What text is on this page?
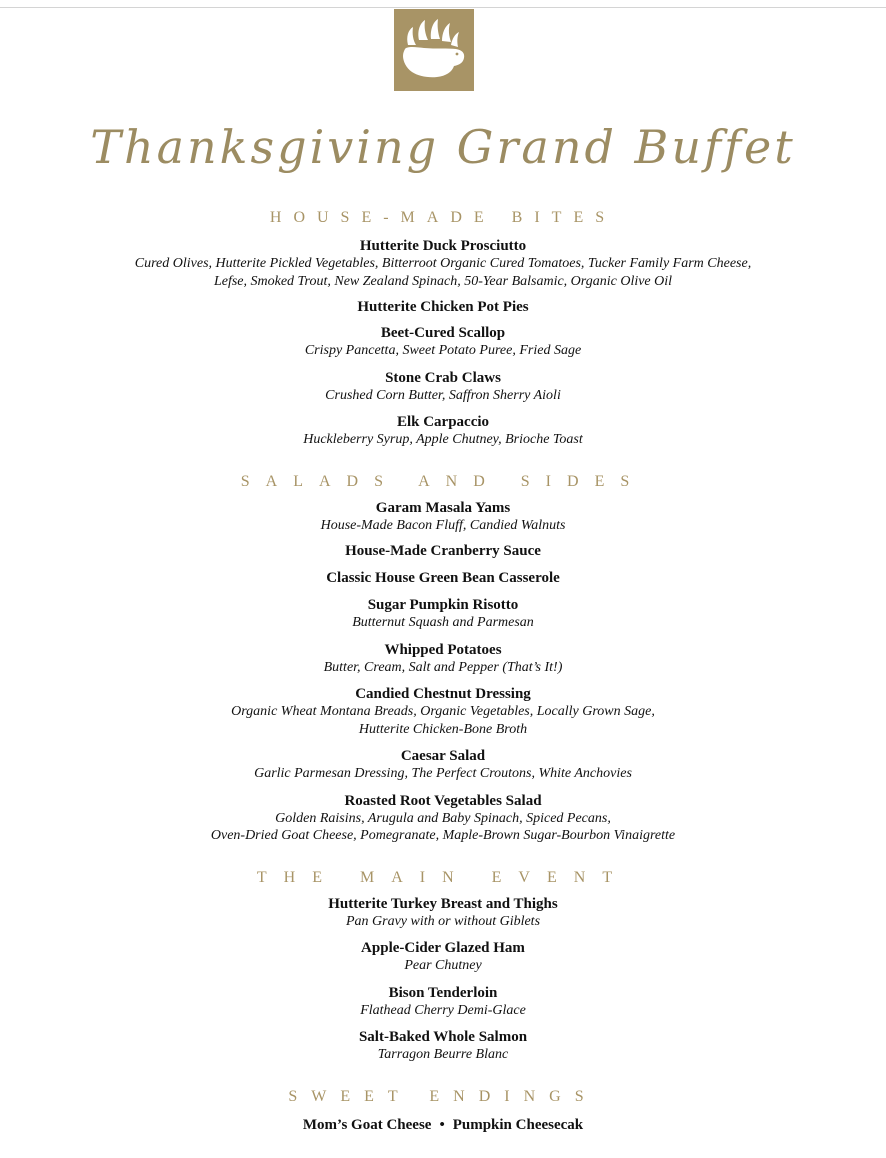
Thanksgiving Grand Buffet
HOUSE-MADE BITES
Hutterite Duck Prosciutto
Cured Olives, Hutterite Pickled Vegetables, Bitterroot Organic Cured Tomatoes, Tucker Family Farm Cheese,
Lefse, Smoked Trout, New Zealand Spinach, 50-Year Balsamic, Organic Olive Oil
Hutterite Chicken Pot Pies
Beet-Cured Scallop
Crispy Pancetta, Sweet Potato Puree, Fried Sage
Stone Crab Claws
Crushed Corn Butter, Saffron Sherry Aioli
Elk Carpaccio
Huckleberry Syrup, Apple Chutney, Brioche Toast
SALADS AND SIDES
Garam Masala Yams
House-Made Bacon Fluff, Candied Walnuts
House-Made Cranberry Sauce
Classic House Green Bean Casserole
Sugar Pumpkin Risotto
Butternut Squash and Parmesan
Whipped Potatoes
Butter, Cream, Salt and Pepper (That’s It!)
Candied Chestnut Dressing
Organic Wheat Montana Breads, Organic Vegetables, Locally Grown Sage,
Hutterite Chicken-Bone Broth
Caesar Salad
Garlic Parmesan Dressing, The Perfect Croutons, White Anchovies
Roasted Root Vegetables Salad
Golden Raisins, Arugula and Baby Spinach, Spiced Pecans,
Oven-Dried Goat Cheese, Pomegranate, Maple-Brown Sugar-Bourbon Vinaigrette
THE MAIN EVENT
Hutterite Turkey Breast and Thighs
Pan Gravy with or without Giblets
Apple-Cider Glazed Ham
Pear Chutney
Bison Tenderloin
Flathead Cherry Demi-Glace
Salt-Baked Whole Salmon
Tarragon Beurre Blanc
SWEET ENDINGS
Mom’s Goat Cheese • Pumpkin Cheesecak
